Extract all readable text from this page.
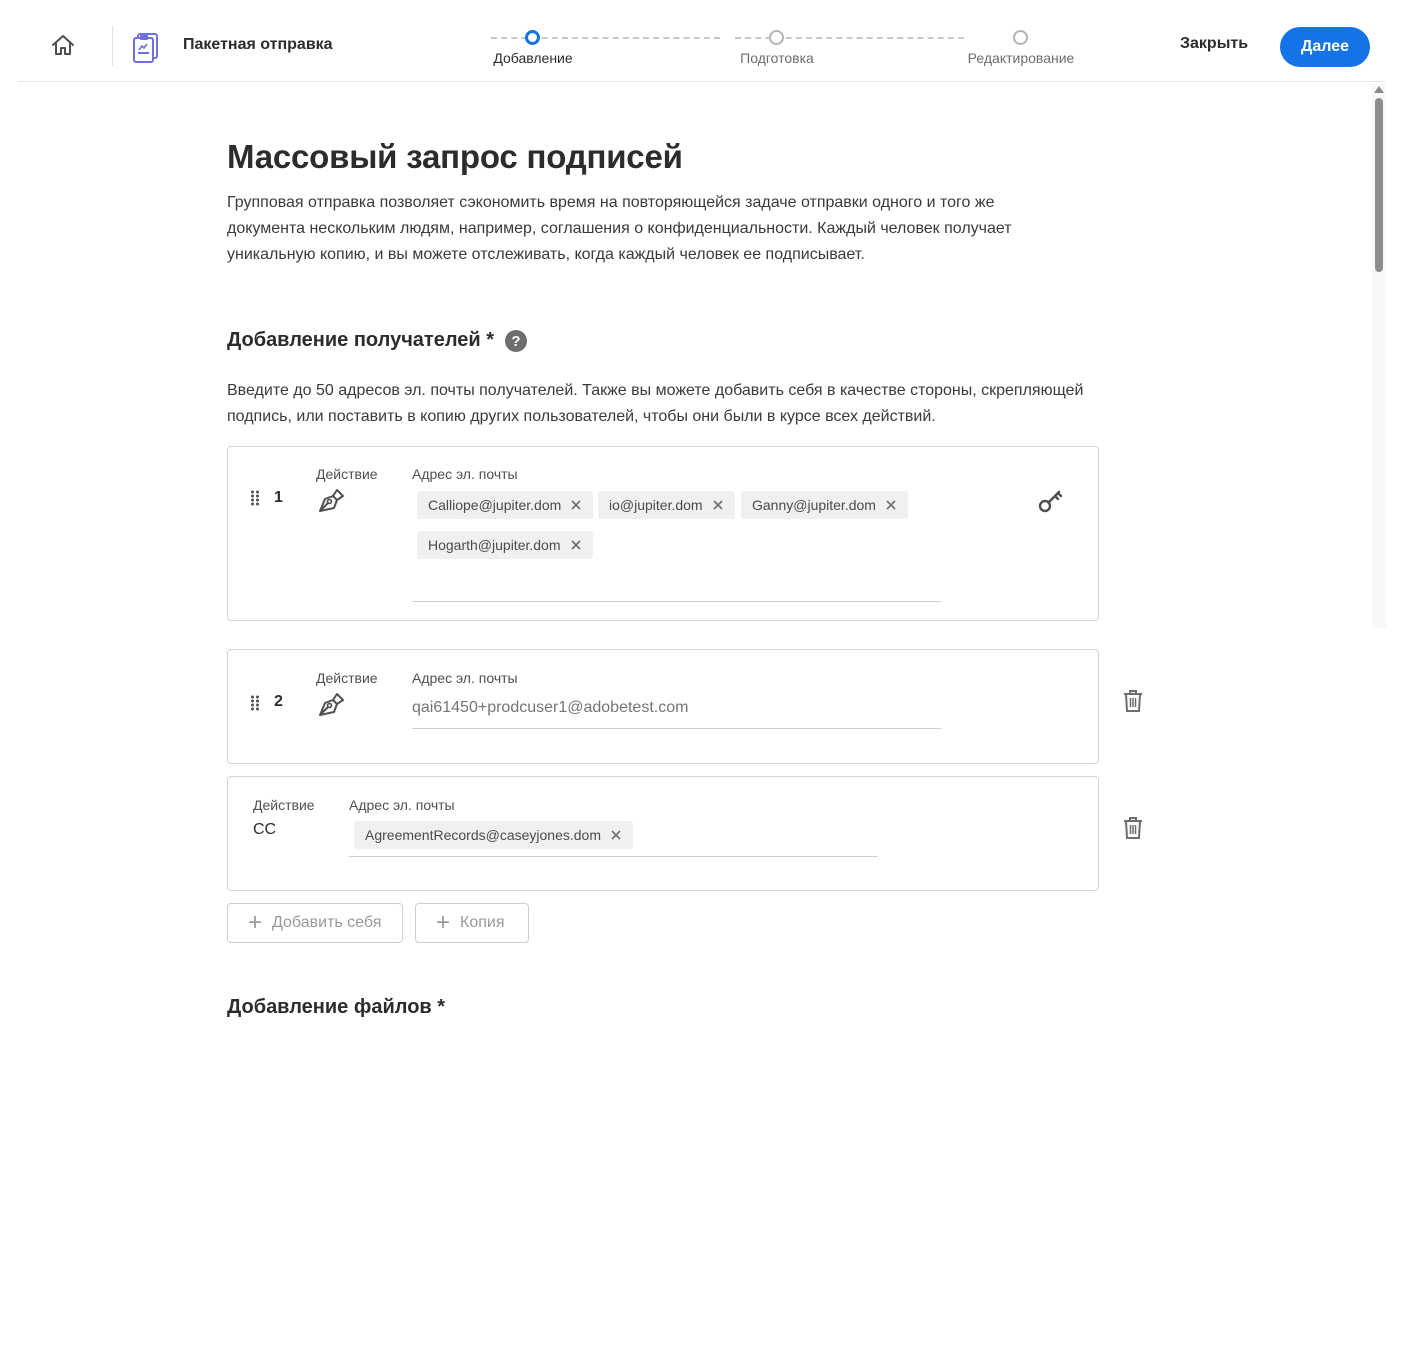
Пакетная отправка
Добавление	Подготовка	Редактирование
Закрыть	Далее
Массовый запрос подписей

Групповая отправка позволяет сэкономить время на повторяющейся задаче отправки одного и того же документа нескольким людям, например, соглашения о конфиденциальности. Каждый человек получает уникальную копию, и вы можете отслеживать, когда каждый человек ее подписывает.

Добавление получателей *	?

Введите до 50 адресов эл. почты получателей. Также вы можете добавить себя в качестве стороны, скрепляющей подпись, или поставить в копию других пользователей, чтобы они были в курсе всех действий.

1
Действие Адрес эл. почты
Calliope@jupiter.dom	io@jupiter.dom	Ganny@jupiter.dom
Hogarth@jupiter.dom
2
Действие Адрес эл. почты
qai61450+prodcuser1@adobetest.com
Действие
CC
Адрес эл. почты
AgreementRecords@caseyjones.dom
+ Добавить себя + Копия
Добавление файлов *
